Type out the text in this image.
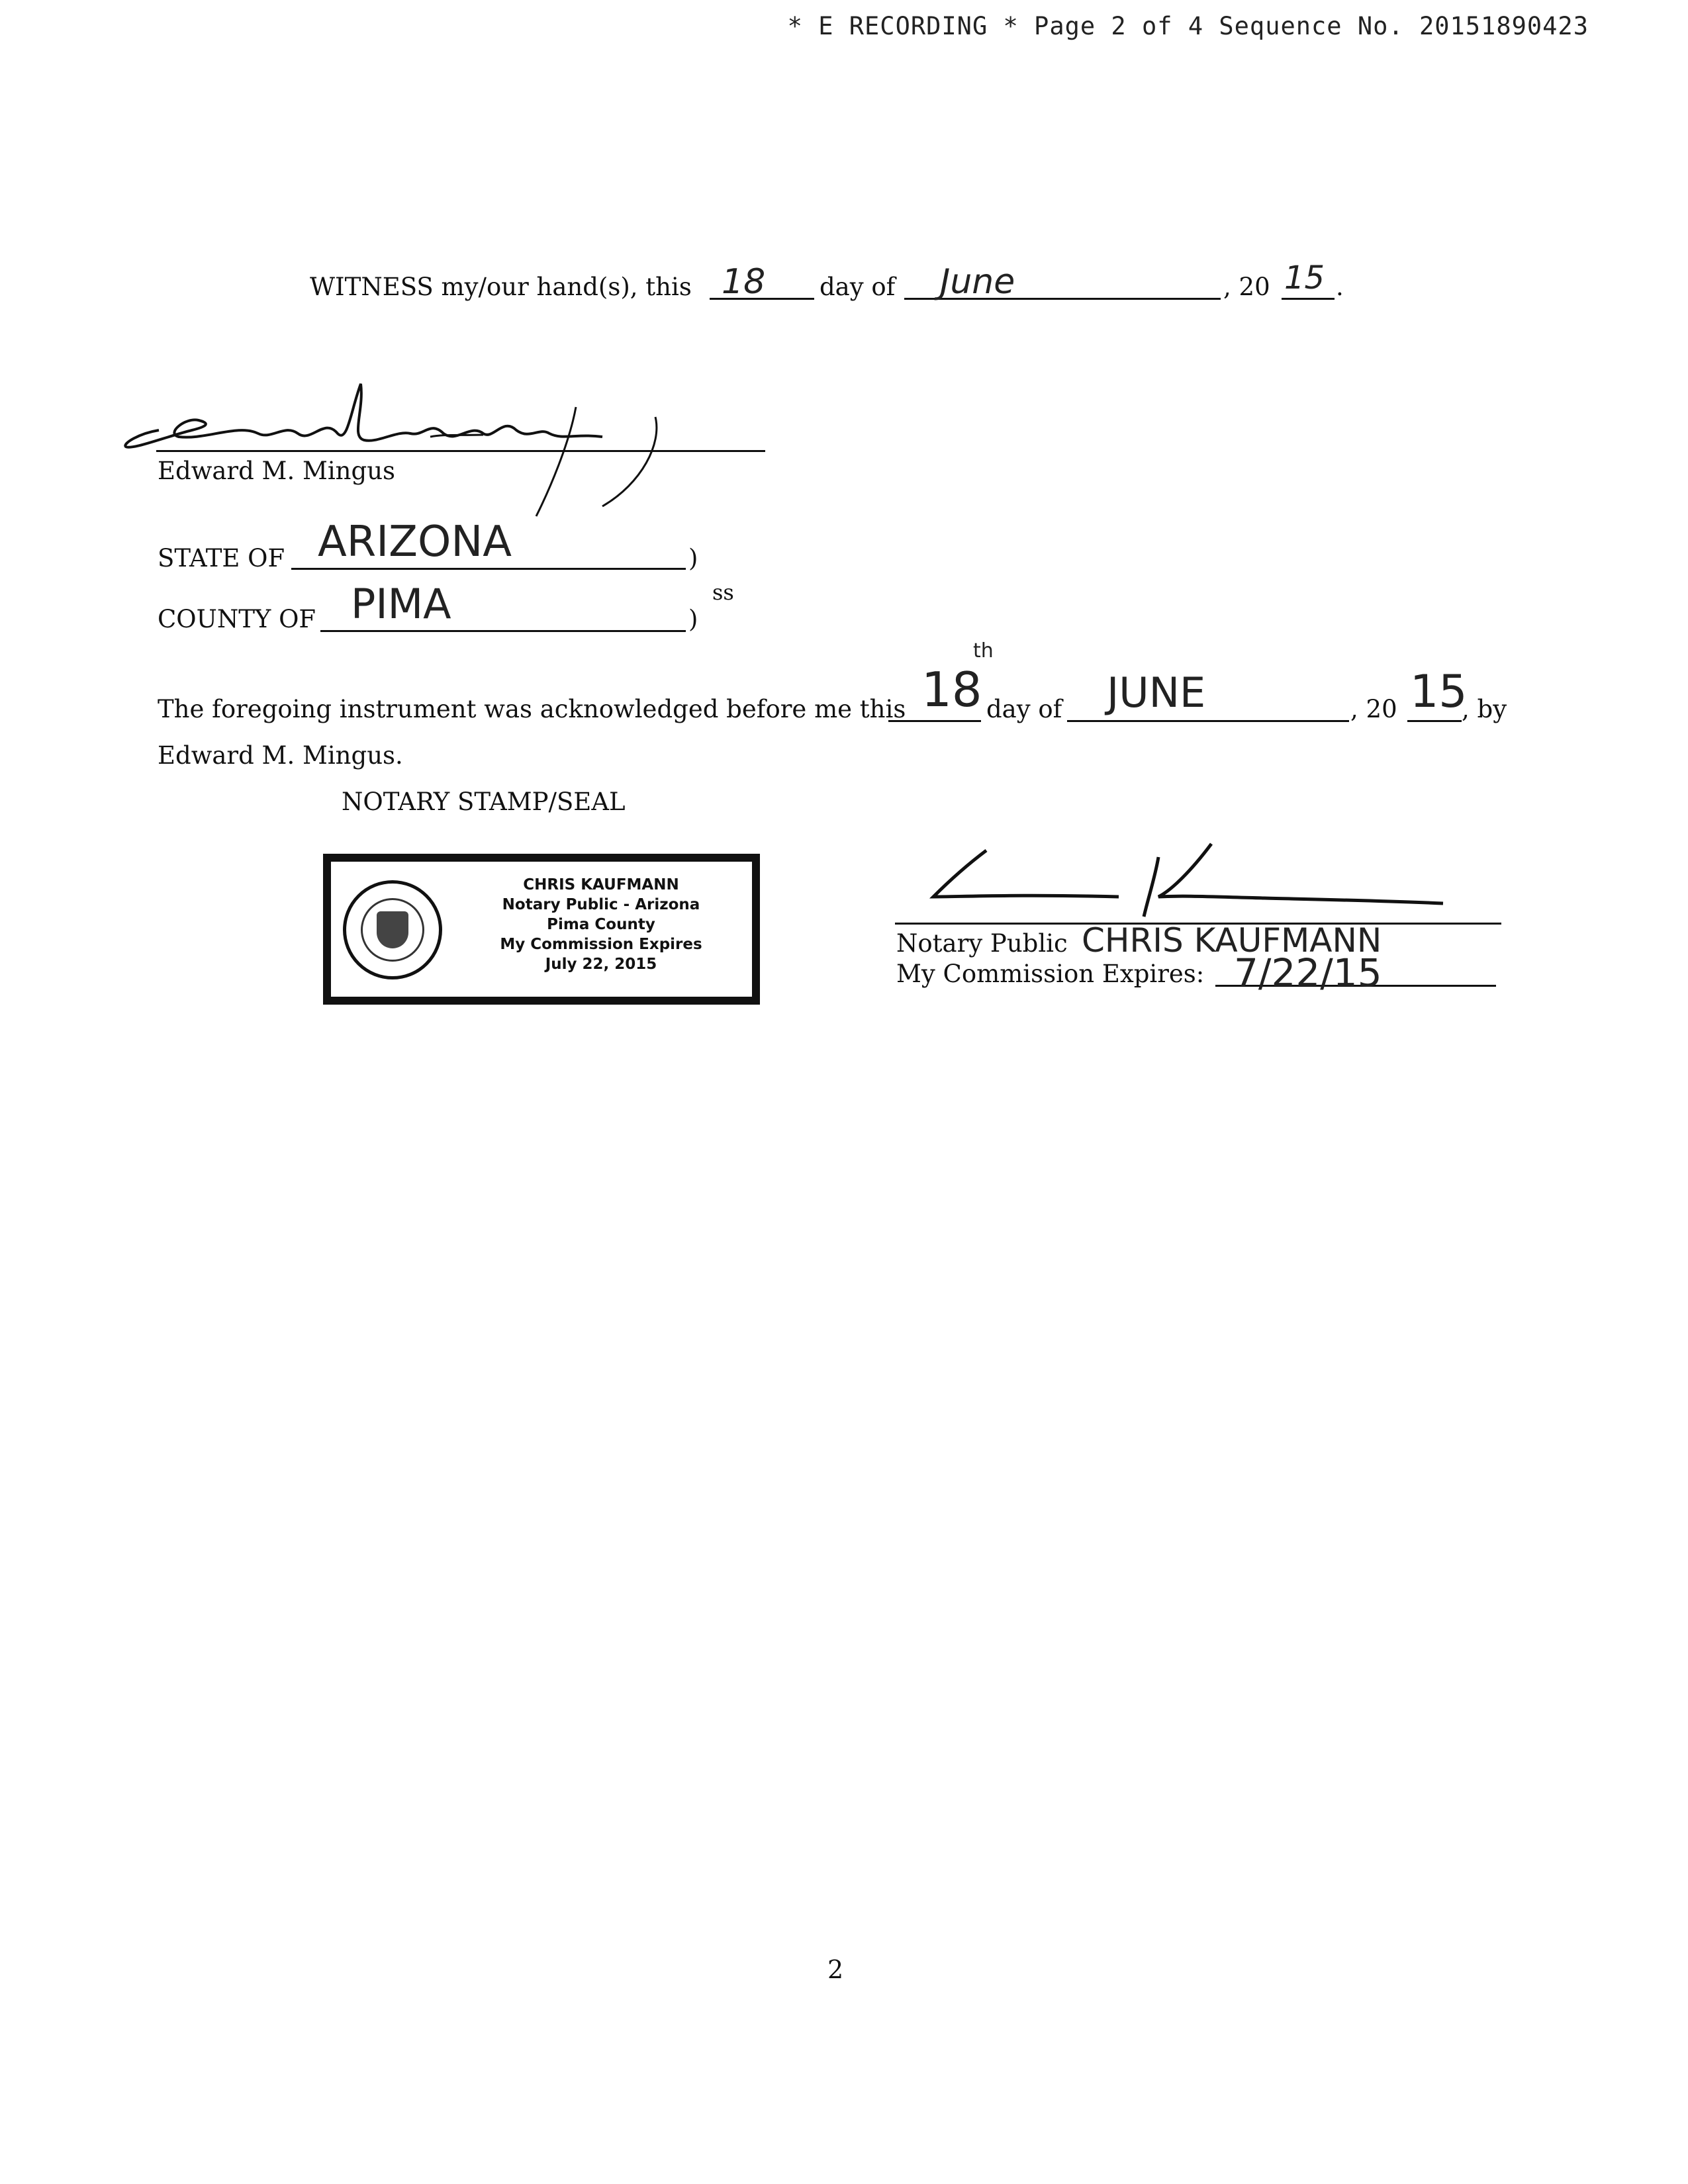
* E RECORDING * Page 2 of 4 Sequence No. 20151890423
WITNESS my/our hand(s), this 18 day of June	, 20 15 .
Edward M. Mingus
STATE OF ARIZONA	)
ss
COUNTY OF PIMA	)
The foregoing instrument was acknowledged before me this 18
th
day of JUNE	, 20 15
, by
Edward M. Mingus.
NOTARY STAMP/SEAL
CHRIS KAUFMANN
Notary Public - Arizona
Pima County
My Commission Expires
July 22, 2015
Notary Public CHRIS KAUFMANN
My Commission Expires: 7/22/15
2
